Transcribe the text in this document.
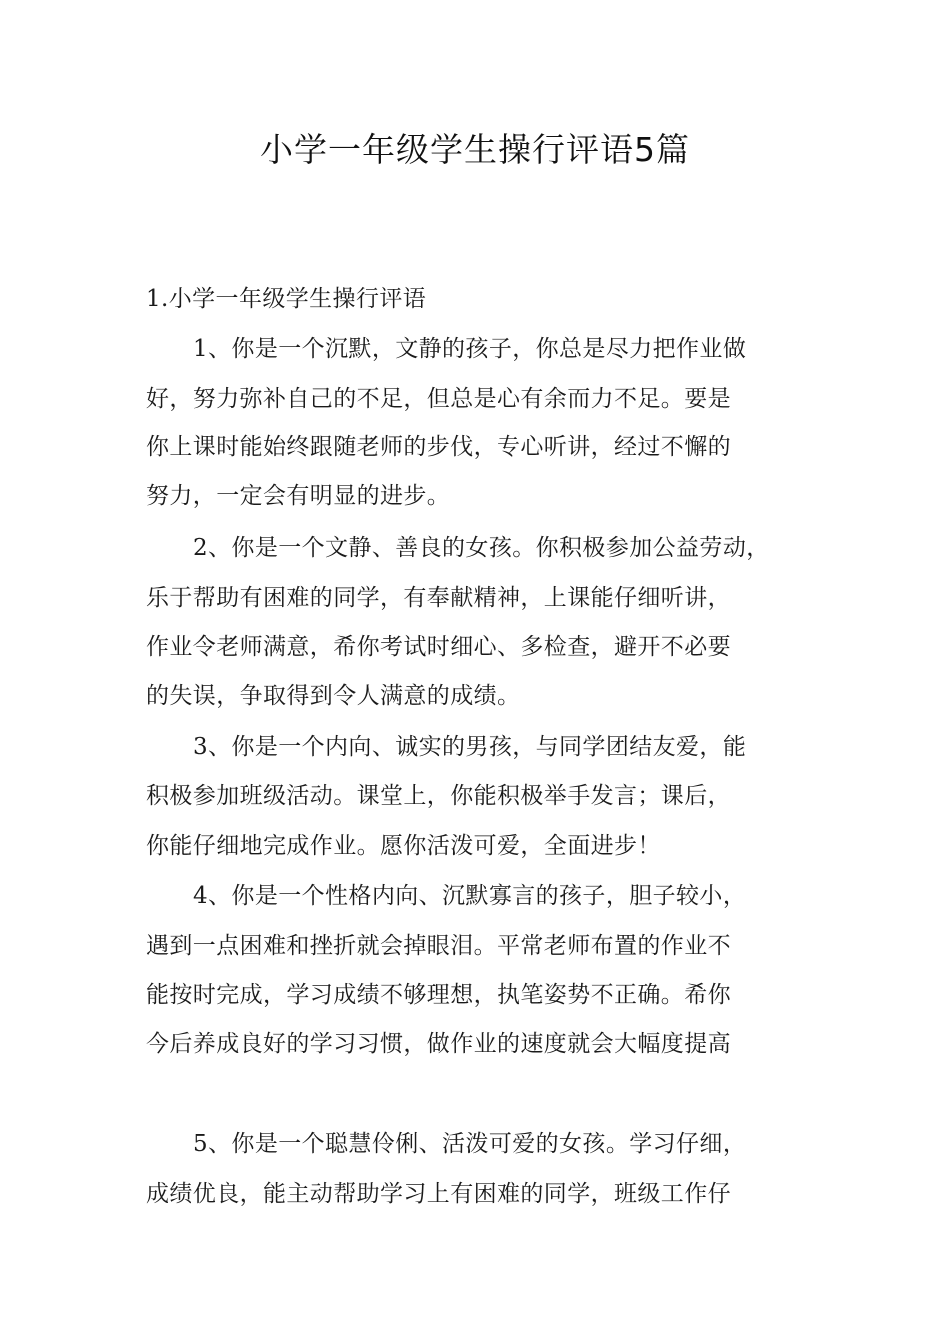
小学一年级学生操行评语5篇
1.小学一年级学生操行评语
1、你是一个沉默，文静的孩子，你总是尽力把作业做
好，努力弥补自己的不足，但总是心有余而力不足。要是
你上课时能始终跟随老师的步伐，专心听讲，经过不懈的
努力，一定会有明显的进步。
2、你是一个文静、善良的女孩。你积极参加公益劳动，
乐于帮助有困难的同学，有奉献精神，上课能仔细听讲，
作业令老师满意，希你考试时细心、多检查，避开不必要
的失误，争取得到令人满意的成绩。
3、你是一个内向、诚实的男孩，与同学团结友爱，能
积极参加班级活动。课堂上，你能积极举手发言；课后，
你能仔细地完成作业。愿你活泼可爱，全面进步！
4、你是一个性格内向、沉默寡言的孩子，胆子较小，
遇到一点困难和挫折就会掉眼泪。平常老师布置的作业不
能按时完成，学习成绩不够理想，执笔姿势不正确。希你
今后养成良好的学习习惯，做作业的速度就会大幅度提高
5、你是一个聪慧伶俐、活泼可爱的女孩。学习仔细，
成绩优良，能主动帮助学习上有困难的同学，班级工作仔
